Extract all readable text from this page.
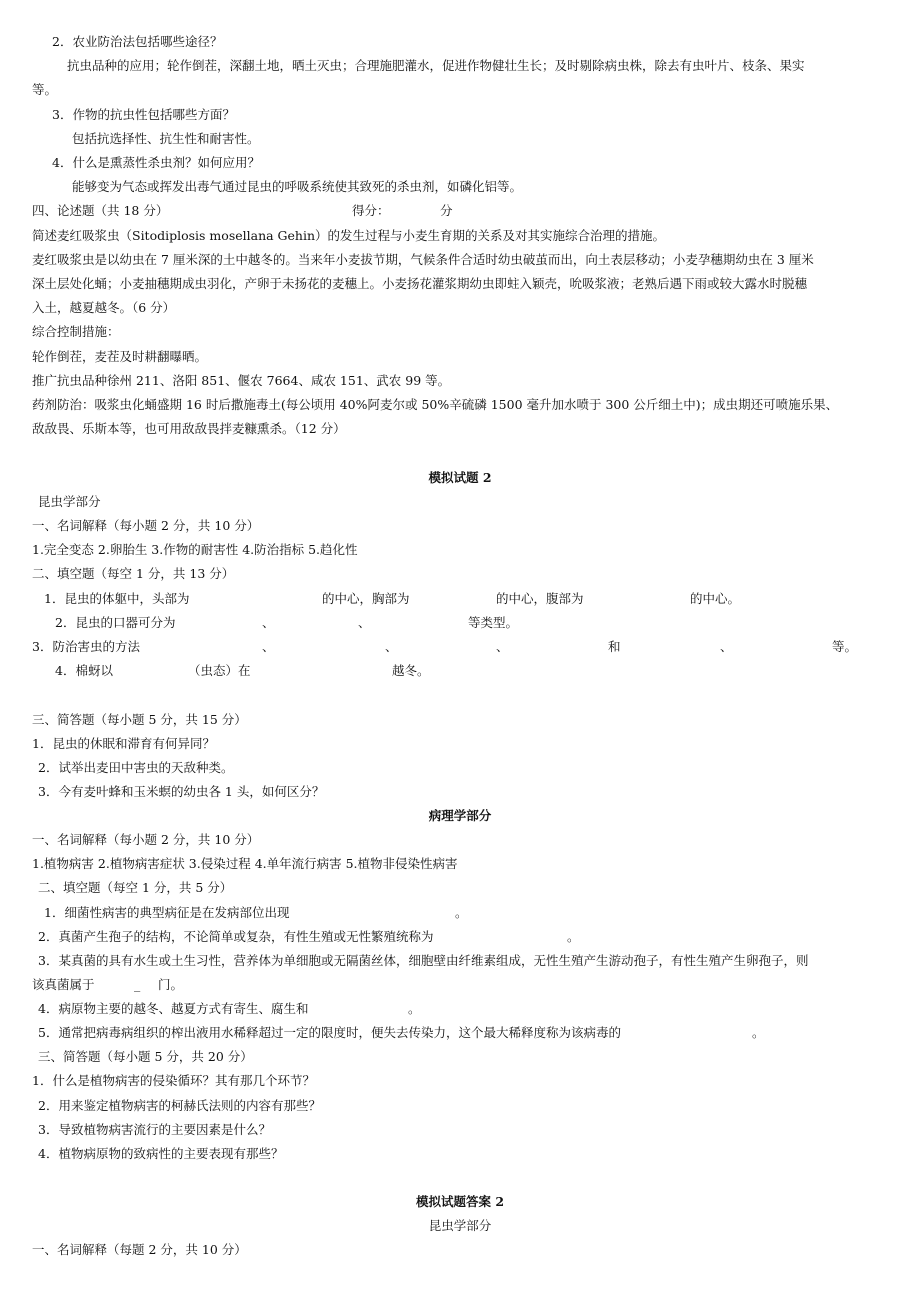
2．农业防治法包括哪些途径？
抗虫品种的应用；轮作倒茬，深翻土地，晒土灭虫；合理施肥灌水，促进作物健壮生长；及时剔除病虫株，除去有虫叶片、枝条、果实
等。
3．作物的抗虫性包括哪些方面？
包括抗选择性、抗生性和耐害性。
4．什么是熏蒸性杀虫剂？如何应用？
能够变为气态或挥发出毒气通过昆虫的呼吸系统使其致死的杀虫剂，如磷化铝等。
四、论述题（共 18 分）	得分：	分
简述麦红吸浆虫（Sitodiplosis mosellana Gehin）的发生过程与小麦生育期的关系及对其实施综合治理的措施。
麦红吸浆虫是以幼虫在 7 厘米深的土中越冬的。当来年小麦拔节期，气候条件合适时幼虫破茧而出，向土表层移动；小麦孕穗期幼虫在 3 厘米
深土层处化蛹；小麦抽穗期成虫羽化，产卵于未扬花的麦穗上。小麦扬花灌浆期幼虫即蛀入颖壳，吮吸浆液；老熟后遇下雨或较大露水时脱穗
入土，越夏越冬。（6 分）
综合控制措施：
轮作倒茬，麦茬及时耕翻曝晒。
推广抗虫品种徐州 211、洛阳 851、偃农 7664、咸农 151、武农 99 等。
药剂防治：吸浆虫化蛹盛期 16 时后撒施毒土(每公顷用 40%阿麦尔或 50%辛硫磷 1500 毫升加水喷于 300 公斤细土中)；成虫期还可喷施乐果、
敌敌畏、乐斯本等，也可用敌敌畏拌麦糠熏杀。（12 分）
模拟试题 2
昆虫学部分
一、名词解释（每小题 2 分，共 10 分）
1.完全变态 2.卵胎生 3.作物的耐害性 4.防治指标 5.趋化性
二、填空题（每空 1 分，共 13 分）
1．昆虫的体躯中，头部为	的中心，胸部为	的中心，腹部为	的中心。
2．昆虫的口器可分为	、	、	等类型。
3．防治害虫的方法	、	、	、	和	、	等。
4．棉蚜以	（虫态）在	越冬。
三、简答题（每小题 5 分，共 15 分）
1．昆虫的休眠和滞育有何异同？
2．试举出麦田中害虫的天敌种类。
3．今有麦叶蜂和玉米螟的幼虫各 1 头，如何区分？
病理学部分
一、名词解释（每小题 2 分，共 10 分）
1.植物病害 2.植物病害症状 3.侵染过程 4.单年流行病害 5.植物非侵染性病害
二、填空题（每空 1 分，共 5 分）
1．细菌性病害的典型病征是在发病部位出现	。
2．真菌产生孢子的结构，不论简单或复杂，有性生殖或无性繁殖统称为	。
3．某真菌的具有水生或土生习性，营养体为单细胞或无隔菌丝体，细胞壁由纤维素组成，无性生殖产生游动孢子，有性生殖产生卵孢子，则
该真菌属于	_ 门。
4．病原物主要的越冬、越夏方式有寄生、腐生和	。
5．通常把病毒病组织的榨出液用水稀释超过一定的限度时，便失去传染力，这个最大稀释度称为该病毒的	。
三、简答题（每小题 5 分，共 20 分）
1．什么是植物病害的侵染循环？其有那几个环节？
2．用来鉴定植物病害的柯赫氏法则的内容有那些？
3．导致植物病害流行的主要因素是什么？
4．植物病原物的致病性的主要表现有那些？
模拟试题答案 2
昆虫学部分
一、名词解释（每题 2 分，共 10 分）
